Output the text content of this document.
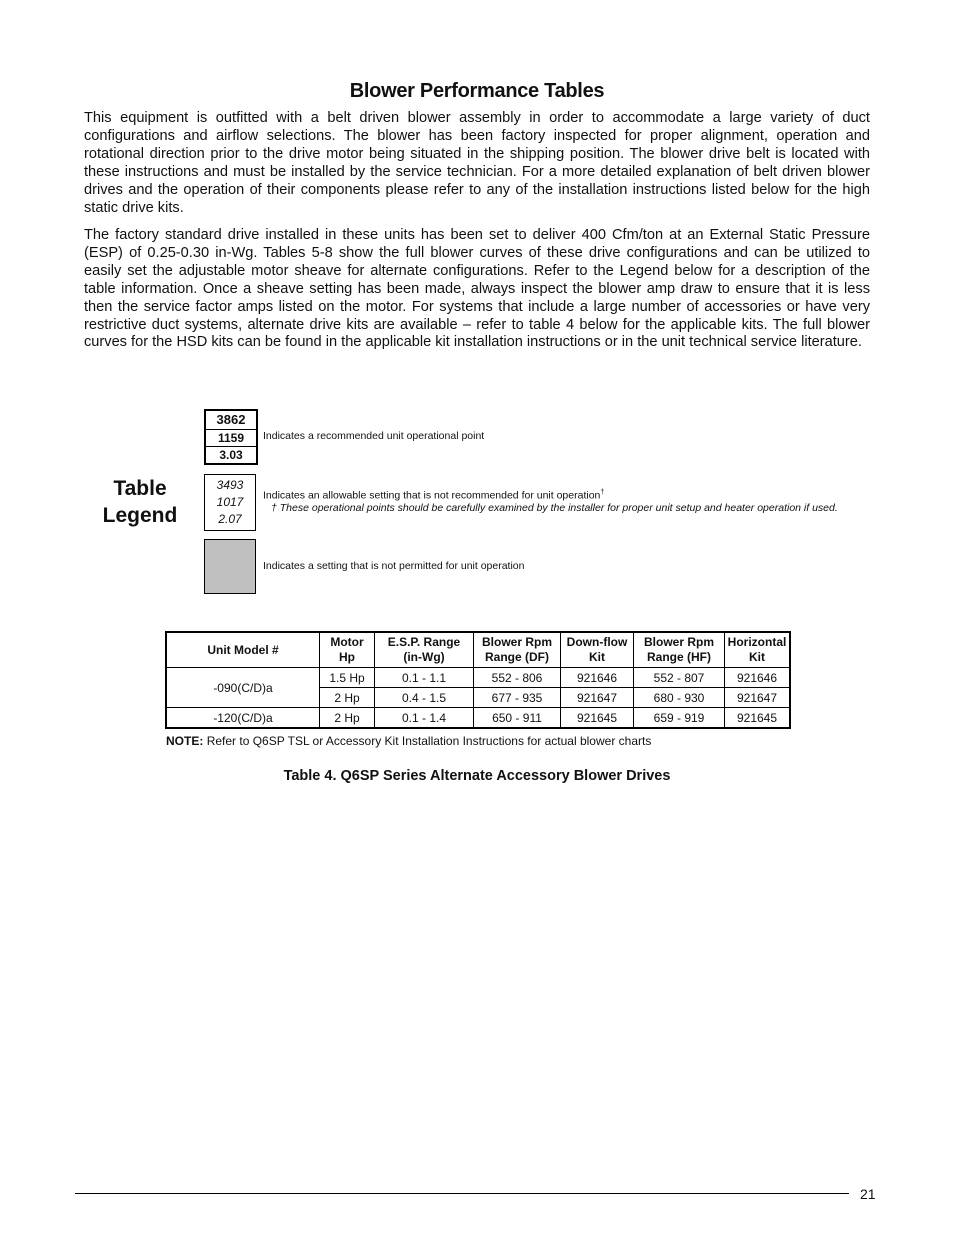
Blower Performance Tables

This equipment is outfitted with a belt driven blower assembly in order to accommodate a large variety of duct configurations and airflow selections. The blower has been factory inspected for proper alignment, operation and rotational direction prior to the drive motor being situated in the shipping position. The blower drive belt is located with these instructions and must be installed by the service technician. For a more detailed explanation of belt driven blower drives and the operation of their components please refer to any of the installation instructions listed below for the high static drive kits.

The factory standard drive installed in these units has been set to deliver 400 Cfm/ton at an External Static Pressure (ESP) of 0.25-0.30 in-Wg. Tables 5-8 show the full blower curves of these drive configurations and can be utilized to easily set the adjustable motor sheave for alternate configurations. Refer to the Legend below for a description of the table information. Once a sheave setting has been made, always inspect the blower amp draw to ensure that it is less then the service factor amps listed on the motor. For systems that include a large number of accessories or have very restrictive duct systems, alternate drive kits are available – refer to table 4 below for the applicable kits. The full blower curves for the HSD kits can be found in the applicable kit installation instructions or in the unit technical service literature.

Table
Legend
3862
1159
3.03
Indicates a recommended unit operational point
3493
1017
2.07
Indicates an allowable setting that is not recommended for unit operation†
† These operational points should be carefully examined by the installer for proper unit setup and heater operation if used.
Indicates a setting that is not permitted for unit operation
Unit Model #	Motor Hp	E.S.P. Range (in-Wg)	Blower Rpm Range (DF)	Down-flow Kit	Blower Rpm Range (HF)	Horizontal Kit
-090(C/D)a	1.5 Hp	0.1 - 1.1	552 - 806	921646	552 - 807	921646
	2 Hp	0.4 - 1.5	677 - 935	921647	680 - 930	921647
-120(C/D)a	2 Hp	0.1 - 1.4	650 - 911	921645	659 - 919	921645
NOTE: Refer to Q6SP TSL or Accessory Kit Installation Instructions for actual blower charts
Table 4. Q6SP Series Alternate Accessory Blower Drives
21
